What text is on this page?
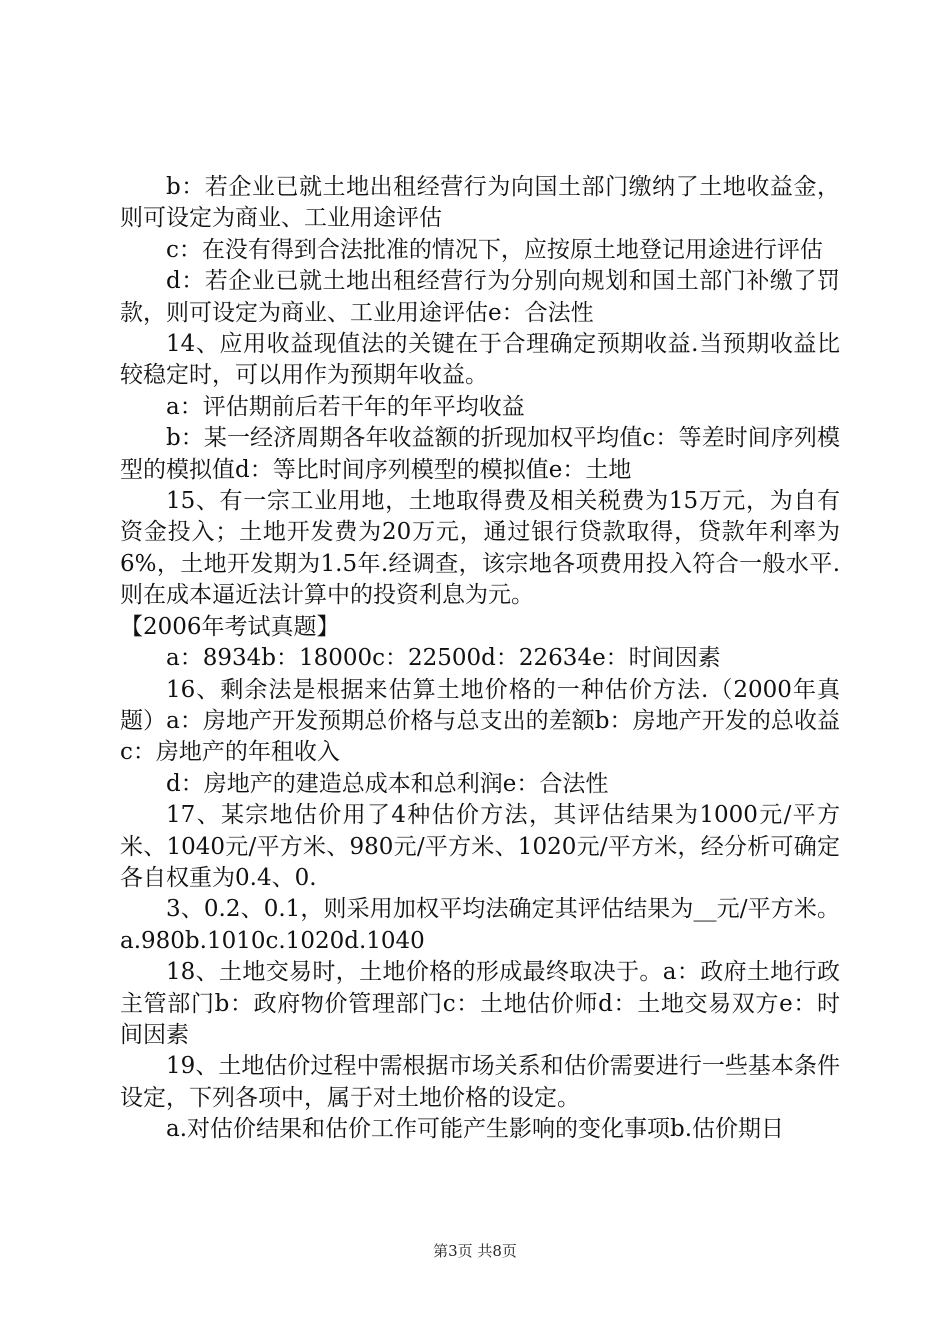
b：若企业已就土地出租经营行为向国土部门缴纳了土地收益金，则可设定为商业、工业用途评估

c：在没有得到合法批准的情况下，应按原土地登记用途进行评估

d：若企业已就土地出租经营行为分别向规划和国土部门补缴了罚款，则可设定为商业、工业用途评估e：合法性

14、应用收益现值法的关键在于合理确定预期收益.当预期收益比较稳定时，可以用作为预期年收益。

a：评估期前后若干年的年平均收益

b：某一经济周期各年收益额的折现加权平均值c：等差时间序列模型的模拟值d：等比时间序列模型的模拟值e：土地

15、有一宗工业用地，土地取得费及相关税费为15万元，为自有资金投入；土地开发费为20万元，通过银行贷款取得，贷款年利率为6%，土地开发期为1.5年.经调查，该宗地各项费用投入符合一般水平.则在成本逼近法计算中的投资利息为元。

【2006年考试真题】

a：8934b：18000c：22500d：22634e：时间因素

16、剩余法是根据来估算土地价格的一种估价方法.（2000年真题）a：房地产开发预期总价格与总支出的差额b：房地产开发的总收益c：房地产的年租收入

d：房地产的建造总成本和总利润e：合法性

17、某宗地估价用了4种估价方法，其评估结果为1000元/平方米、1040元/平方米、980元/平方米、1020元/平方米，经分析可确定各自权重为0.4、0.

3、0.2、0.1，则采用加权平均法确定其评估结果为__元/平方米。a.980b.1010c.1020d.1040

18、土地交易时，土地价格的形成最终取决于。a：政府土地行政主管部门b：政府物价管理部门c：土地估价师d：土地交易双方e：时间因素

19、土地估价过程中需根据市场关系和估价需要进行一些基本条件设定，下列各项中，属于对土地价格的设定。

a.对估价结果和估价工作可能产生影响的变化事项b.估价期日

第3页 共8页
